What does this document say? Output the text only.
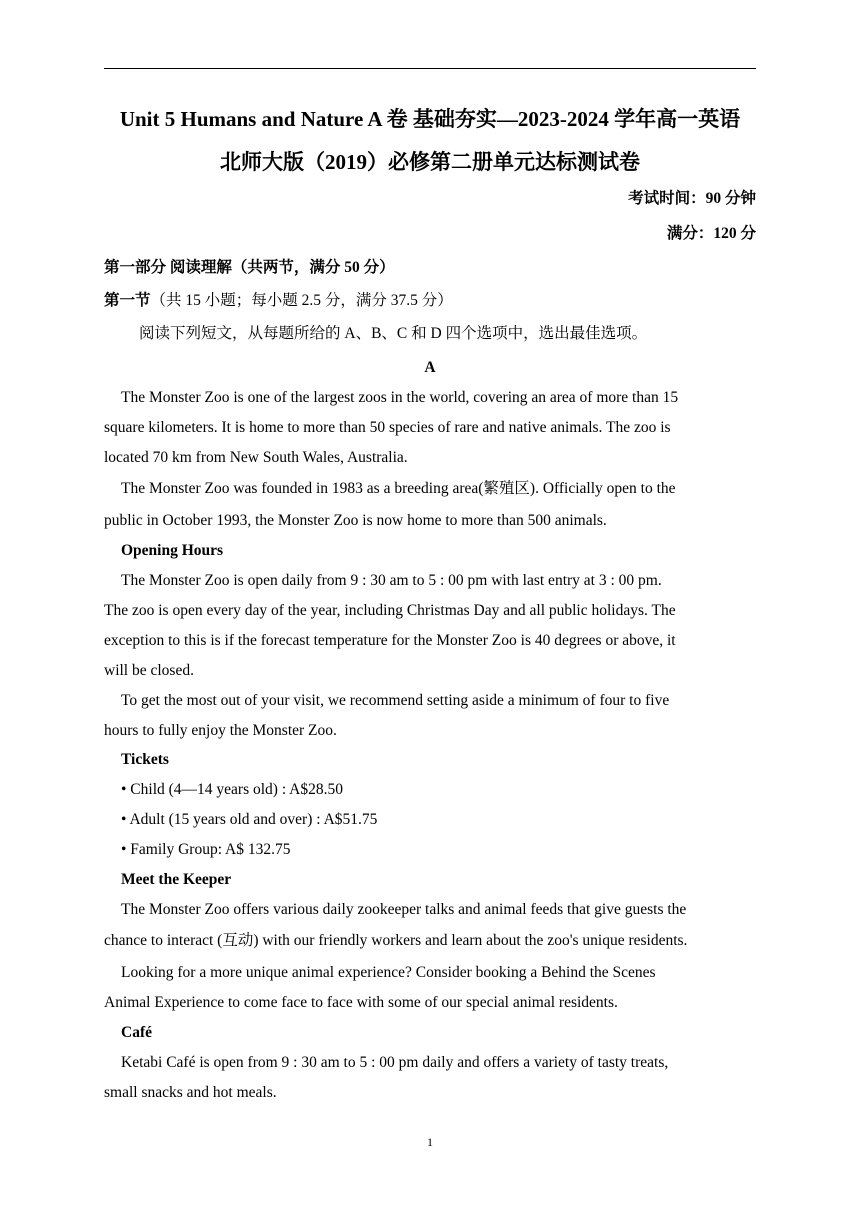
Unit 5 Humans and Nature A 卷 基础夯实—2023-2024 学年高一英语
北师大版（2019）必修第二册单元达标测试卷
考试时间：90 分钟
满分：120 分
第一部分 阅读理解（共两节，满分 50 分）
第一节（共 15 小题；每小题 2.5 分，满分 37.5 分）
阅读下列短文，从每题所给的 A、B、C 和 D 四个选项中，选出最佳选项。
A
The Monster Zoo is one of the largest zoos in the world, covering an area of more than 15
square kilometers. It is home to more than 50 species of rare and native animals. The zoo is
located 70 km from New South Wales, Australia.
The Monster Zoo was founded in 1983 as a breeding area(繁殖区). Officially open to the
public in October 1993, the Monster Zoo is now home to more than 500 animals.
Opening Hours
The Monster Zoo is open daily from 9 : 30 am to 5 : 00 pm with last entry at 3 : 00 pm.
The zoo is open every day of the year, including Christmas Day and all public holidays. The
exception to this is if the forecast temperature for the Monster Zoo is 40 degrees or above, it
will be closed.
To get the most out of your visit, we recommend setting aside a minimum of four to five
hours to fully enjoy the Monster Zoo.
Tickets
• Child (4—14 years old) : A$28.50
• Adult (15 years old and over) : A$51.75
• Family Group: A$ 132.75
Meet the Keeper
The Monster Zoo offers various daily zookeeper talks and animal feeds that give guests the
chance to interact (互动) with our friendly workers and learn about the zoo's unique residents.
Looking for a more unique animal experience? Consider booking a Behind the Scenes
Animal Experience to come face to face with some of our special animal residents.
Café
Ketabi Café is open from 9 : 30 am to 5 : 00 pm daily and offers a variety of tasty treats,
small snacks and hot meals.
1
